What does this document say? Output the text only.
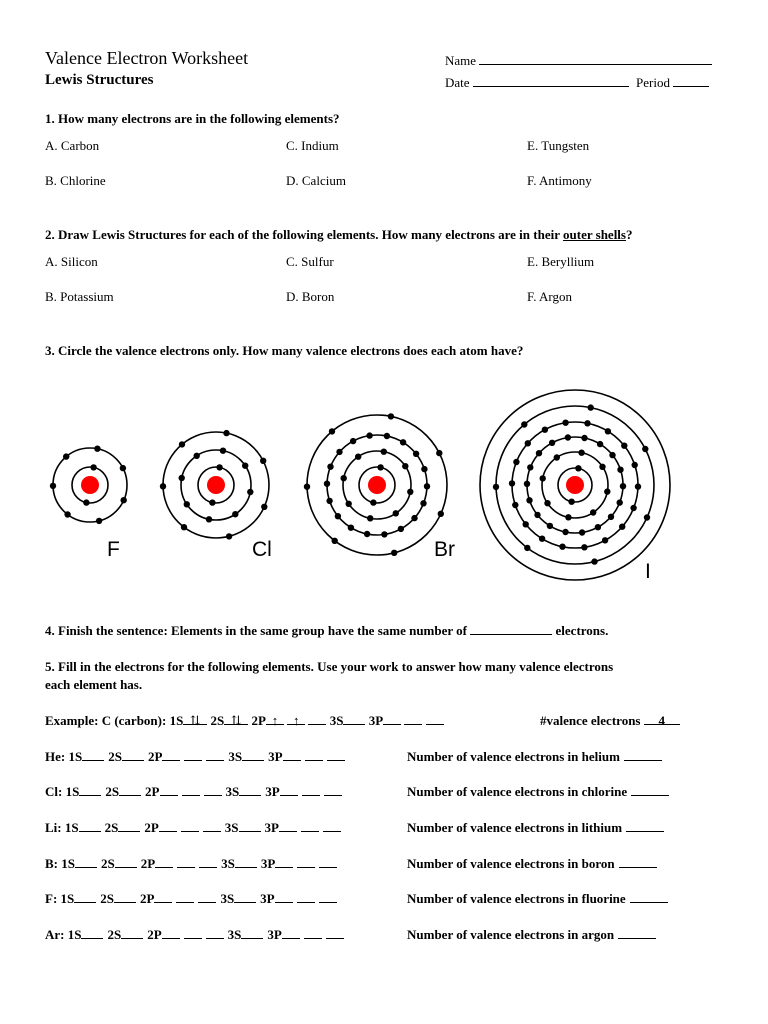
Valence Electron Worksheet
Lewis Structures
Name
Date	Period
1. How many electrons are in the following elements?
A. Carbon	C. Indium	E. Tungsten
B. Chlorine	D. Calcium	F. Antimony
2. Draw Lewis Structures for each of the following elements. How many electrons are in their outer shells?
A. Silicon	C. Sulfur	E. Beryllium
B. Potassium	D. Boron	F. Argon
3. Circle the valence electrons only. How many valence electrons does each atom have?
F	Cl	Br
I
4. Finish the sentence: Elements in the same group have the same number of	electrons.
5. Fill in the electrons for the following elements. Use your work to answer how many valence electrons
each element has.
Example: C (carbon): 1S ⇅ 2S ⇅ 2P ↑ ↑ 3S 3P	#valence electrons 4
He: 1S 2S 2P	3S 3P	Number of valence electrons in helium
Cl: 1S 2S 2P	3S 3P	Number of valence electrons in chlorine
Li: 1S 2S 2P	3S 3P	Number of valence electrons in lithium
B: 1S 2S 2P	3S 3P	Number of valence electrons in boron
F: 1S 2S 2P	3S 3P	Number of valence electrons in fluorine
Ar: 1S 2S 2P	3S 3P	Number of valence electrons in argon
